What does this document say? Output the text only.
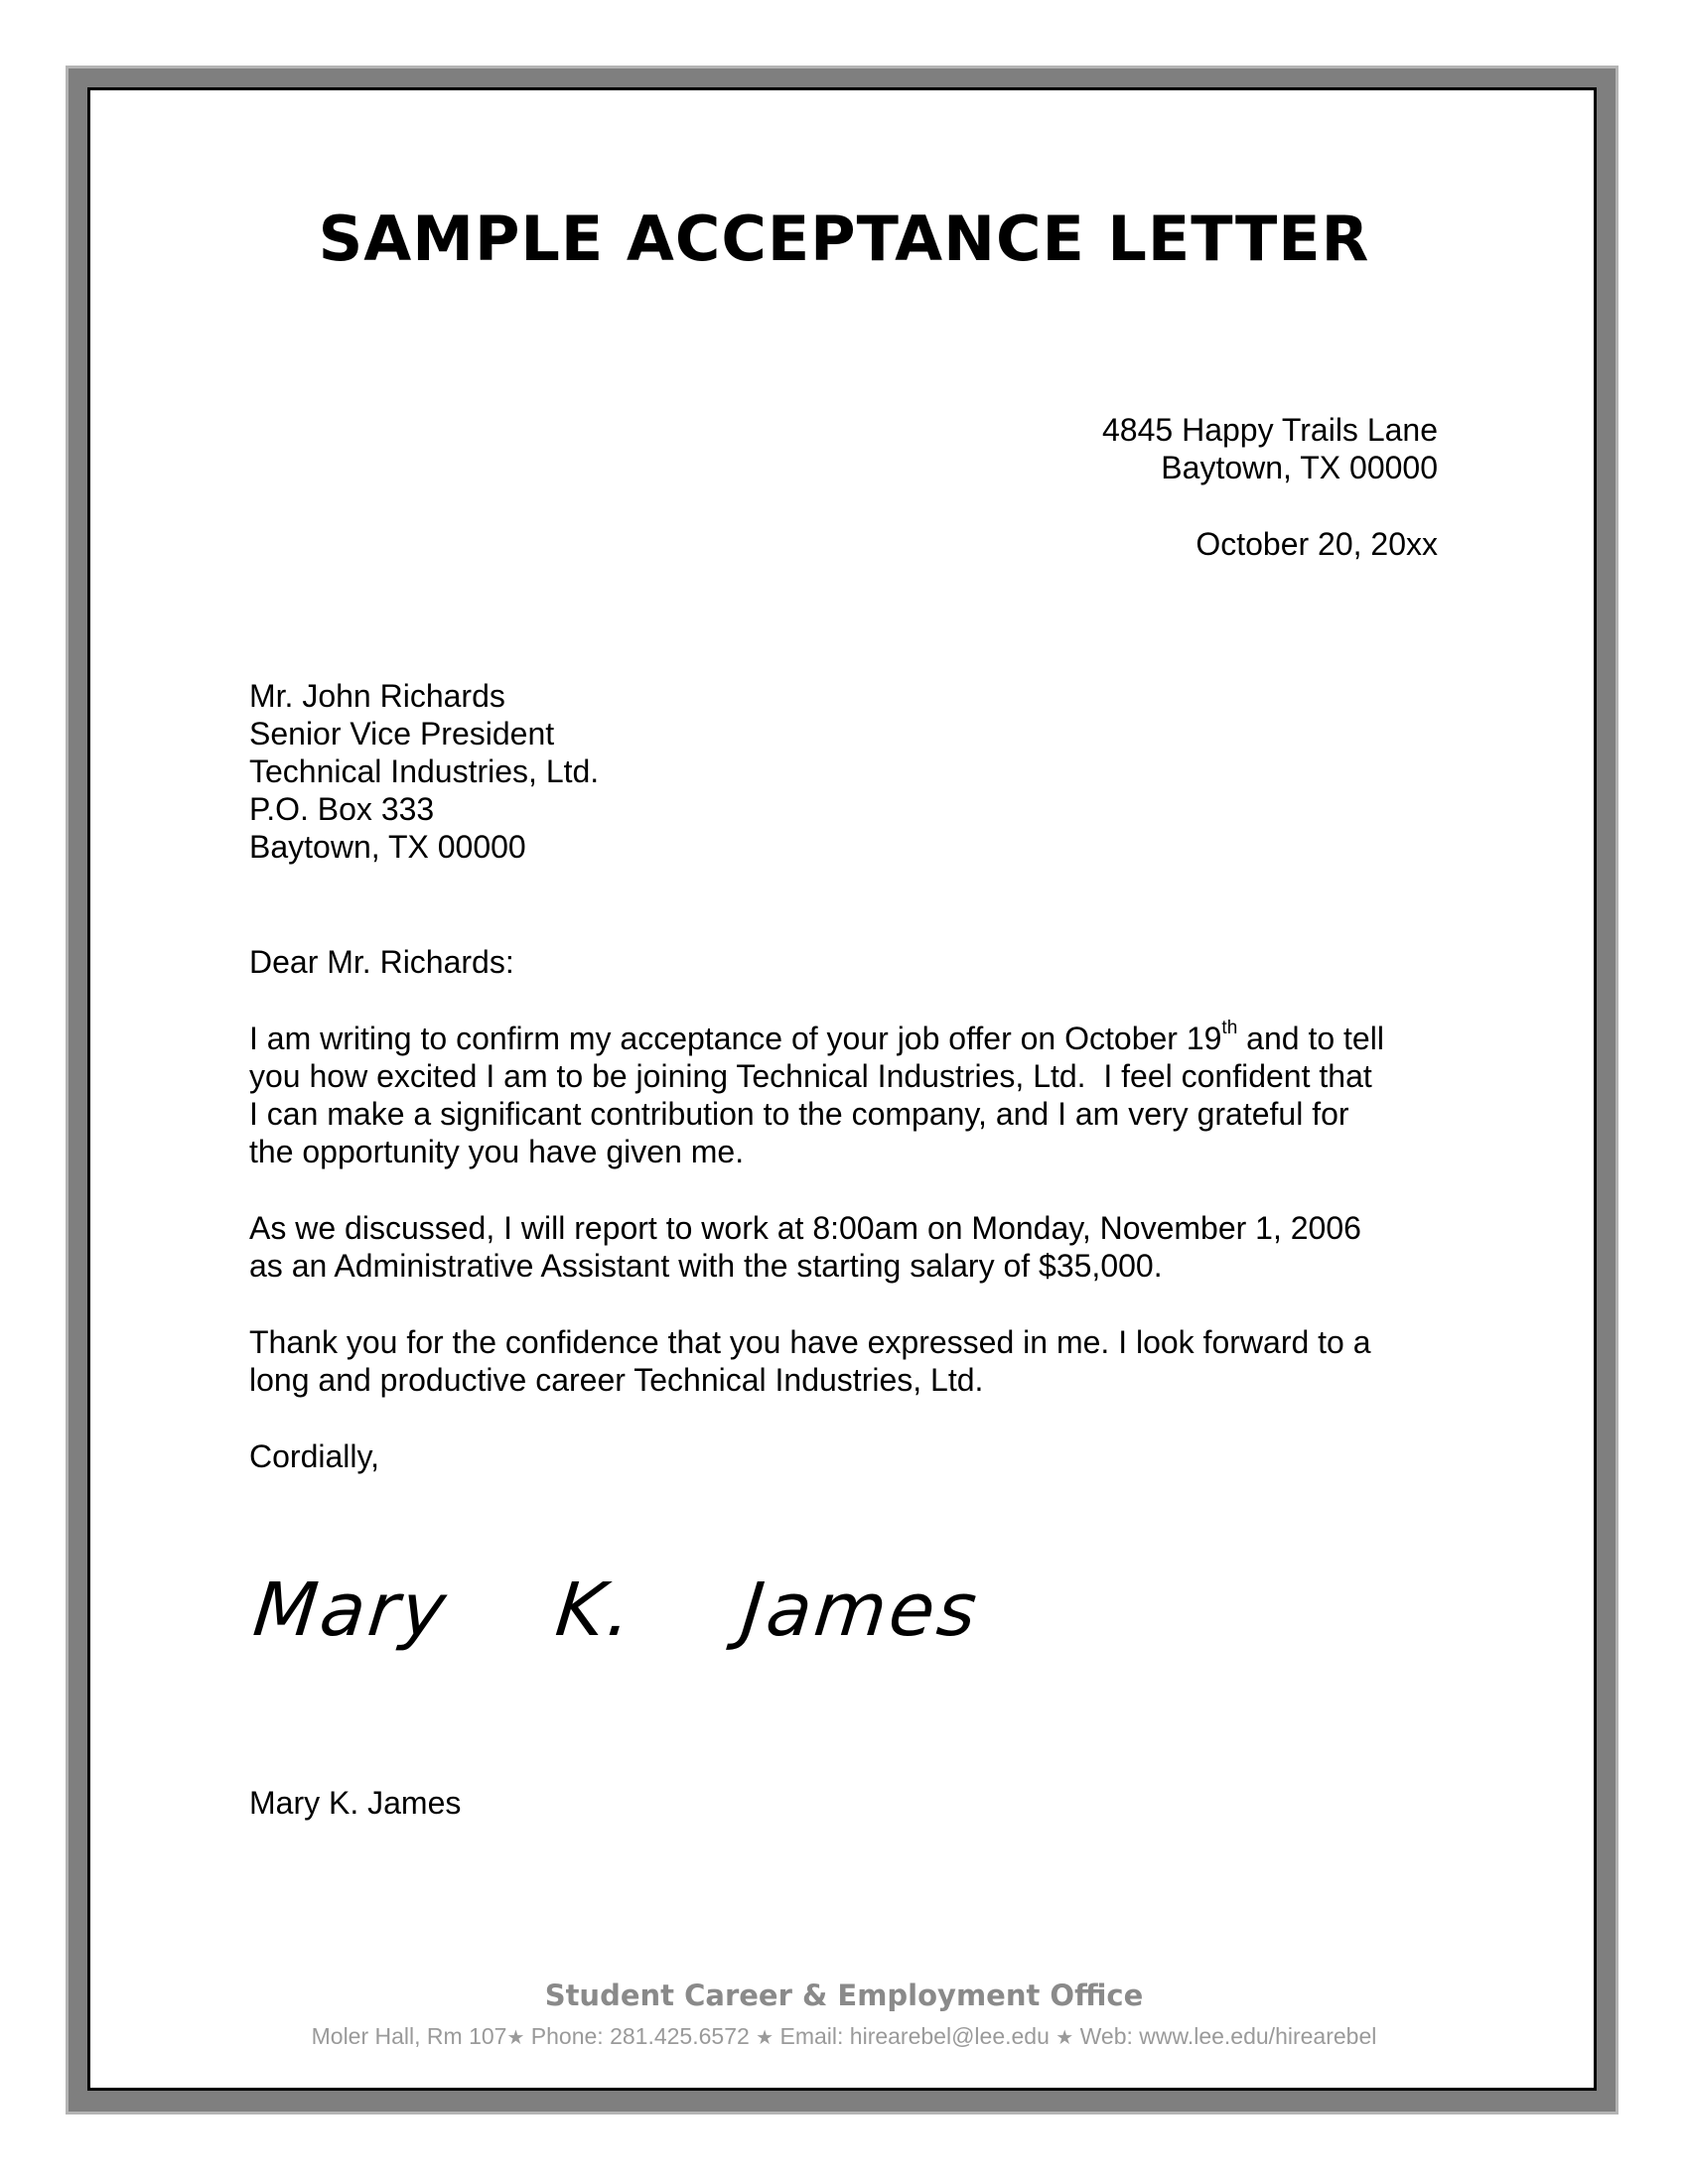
SAMPLE ACCEPTANCE LETTER
4845 Happy Trails Lane
Baytown, TX 00000
October 20, 20xx
Mr. John Richards
Senior Vice President
Technical Industries, Ltd.
P.O. Box 333
Baytown, TX 00000
Dear Mr. Richards:
I am writing to confirm my acceptance of your job offer on October 19th and to tell
you how excited I am to be joining Technical Industries, Ltd.  I feel confident that
I can make a significant contribution to the company, and I am very grateful for
the opportunity you have given me.
As we discussed, I will report to work at 8:00am on Monday, November 1, 2006
as an Administrative Assistant with the starting salary of $35,000.
Thank you for the confidence that you have expressed in me. I look forward to a
long and productive career Technical Industries, Ltd.
Cordially,
Mary  K.  James
Mary K. James
Student Career & Employment Office
Moler Hall, Rm 107★ Phone: 281.425.6572 ★ Email: hirearebel@lee.edu ★ Web: www.lee.edu/hirearebel
